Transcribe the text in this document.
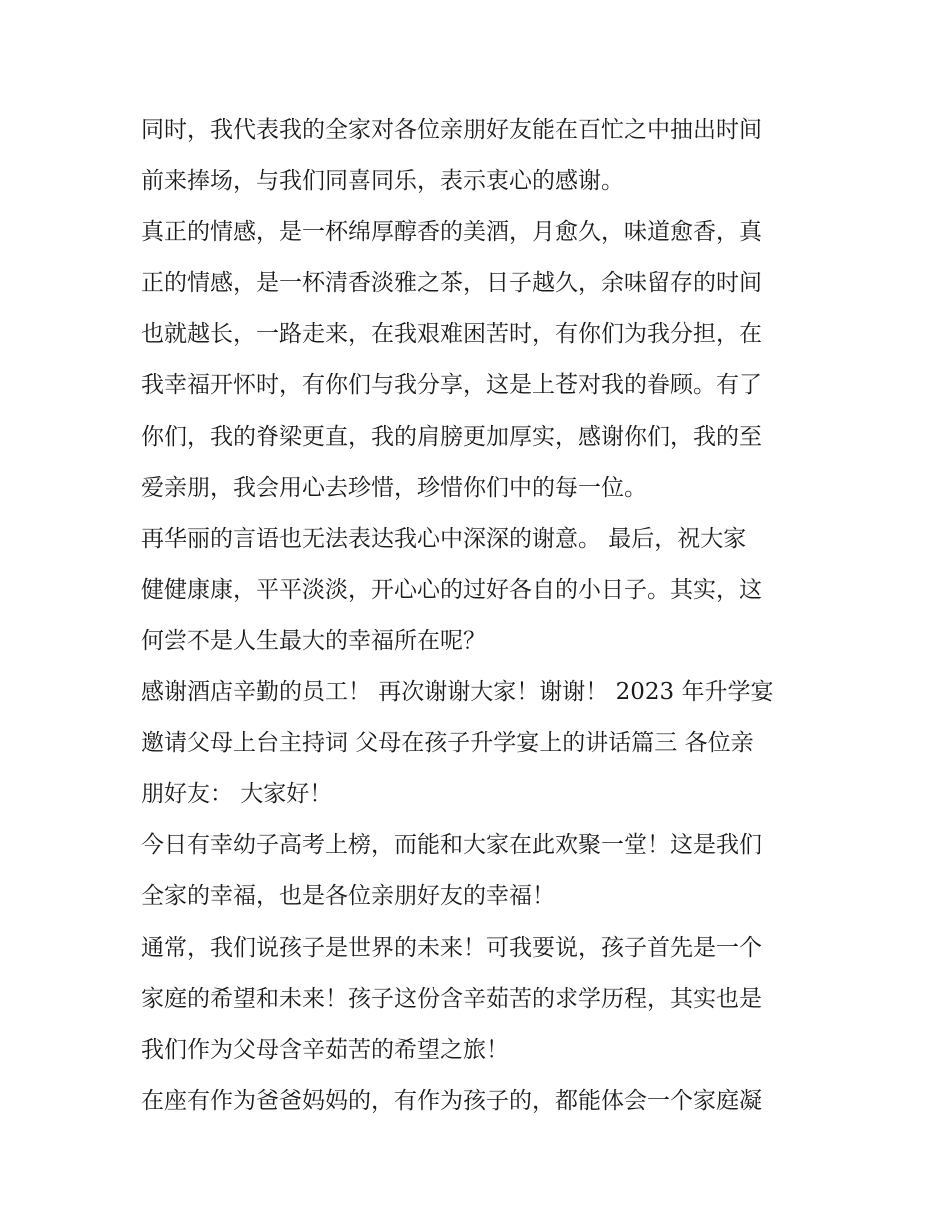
同时，我代表我的全家对各位亲朋好友能在百忙之中抽出时间
前来捧场，与我们同喜同乐，表示衷心的感谢。
真正的情感，是一杯绵厚醇香的美酒，月愈久，味道愈香，真
正的情感，是一杯清香淡雅之茶，日子越久，余味留存的时间
也就越长，一路走来，在我艰难困苦时，有你们为我分担，在
我幸福开怀时，有你们与我分享，这是上苍对我的眷顾。有了
你们，我的脊梁更直，我的肩膀更加厚实，感谢你们，我的至
爱亲朋，我会用心去珍惜，珍惜你们中的每一位。
再华丽的言语也无法表达我心中深深的谢意。 最后，祝大家
健健康康，平平淡淡，开心心的过好各自的小日子。其实，这
何尝不是人生最大的幸福所在呢？
感谢酒店辛勤的员工！ 再次谢谢大家！谢谢！ 2023 年升学宴
邀请父母上台主持词 父母在孩子升学宴上的讲话篇三 各位亲
朋好友： 大家好！
今日有幸幼子高考上榜，而能和大家在此欢聚一堂！这是我们
全家的幸福，也是各位亲朋好友的幸福！
通常，我们说孩子是世界的未来！可我要说，孩子首先是一个
家庭的希望和未来！孩子这份含辛茹苦的求学历程，其实也是
我们作为父母含辛茹苦的希望之旅！
在座有作为爸爸妈妈的，有作为孩子的，都能体会一个家庭凝
